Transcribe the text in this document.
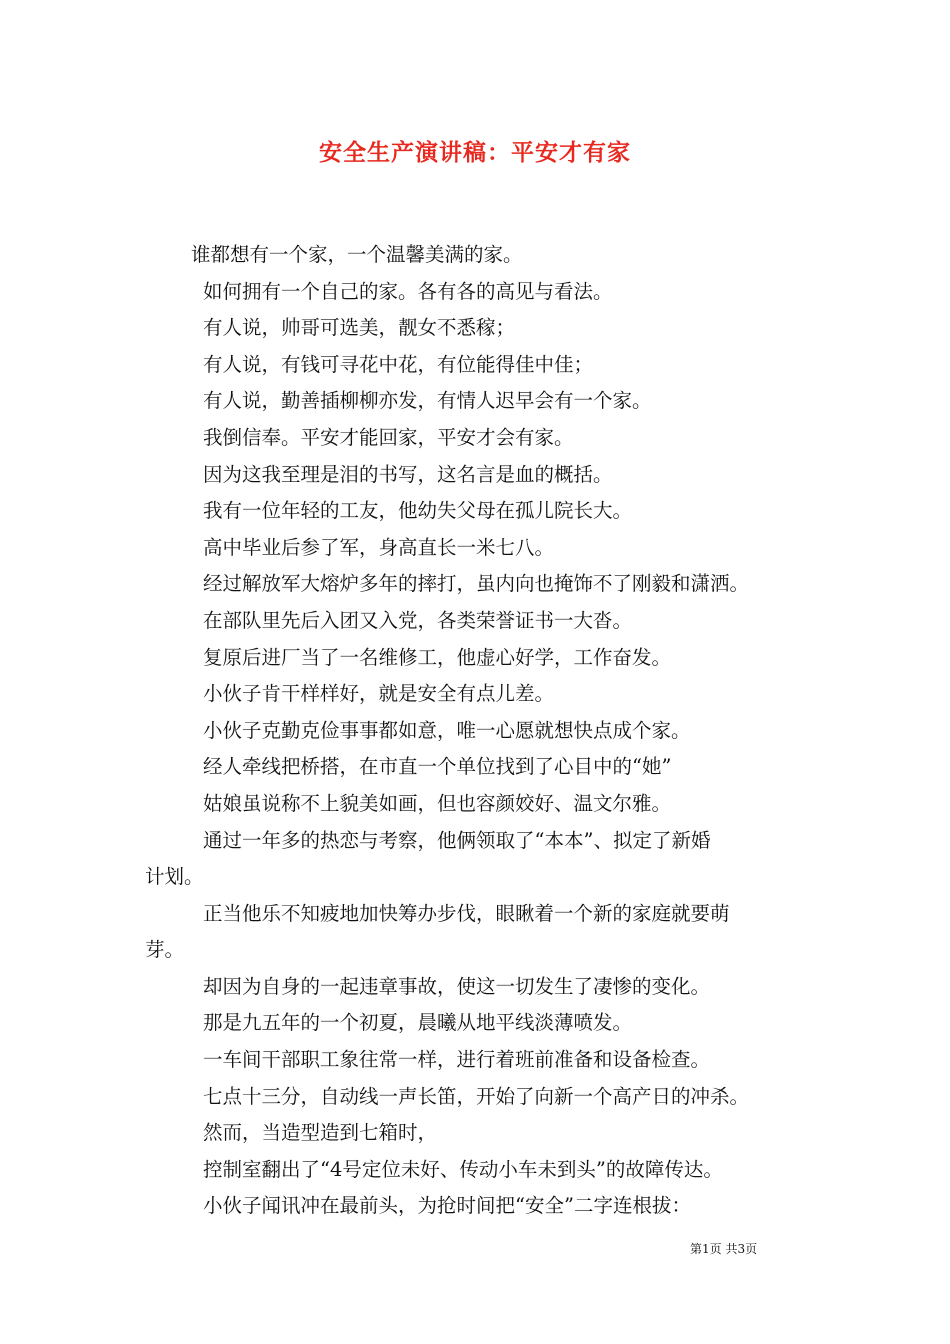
安全生产演讲稿：平安才有家
谁都想有一个家，一个温馨美满的家。
如何拥有一个自己的家。各有各的高见与看法。
有人说，帅哥可选美，靓女不悉稼；
有人说，有钱可寻花中花，有位能得佳中佳；
有人说，勤善插柳柳亦发，有情人迟早会有一个家。
我倒信奉。平安才能回家，平安才会有家。
因为这我至理是泪的书写，这名言是血的概括。
我有一位年轻的工友，他幼失父母在孤儿院长大。
高中毕业后参了军，身高直长一米七八。
经过解放军大熔炉多年的摔打，虽内向也掩饰不了刚毅和潇洒。
在部队里先后入团又入党，各类荣誉证书一大沓。
复原后进厂当了一名维修工，他虚心好学，工作奋发。
小伙子肯干样样好，就是安全有点儿差。
小伙子克勤克俭事事都如意，唯一心愿就想快点成个家。
经人牵线把桥搭，在市直一个单位找到了心目中的“她”
姑娘虽说称不上貌美如画，但也容颜姣好、温文尔雅。
通过一年多的热恋与考察，他俩领取了“本本”、拟定了新婚
计划。
正当他乐不知疲地加快筹办步伐，眼瞅着一个新的家庭就要萌
芽。
却因为自身的一起违章事故，使这一切发生了凄惨的变化。
那是九五年的一个初夏，晨曦从地平线淡薄喷发。
一车间干部职工象往常一样，进行着班前准备和设备检查。
七点十三分，自动线一声长笛，开始了向新一个高产日的冲杀。
然而，当造型造到七箱时，
控制室翻出了“4号定位未好、传动小车未到头”的故障传达。
小伙子闻讯冲在最前头，为抢时间把“安全”二字连根拔：
第1页 共3页
